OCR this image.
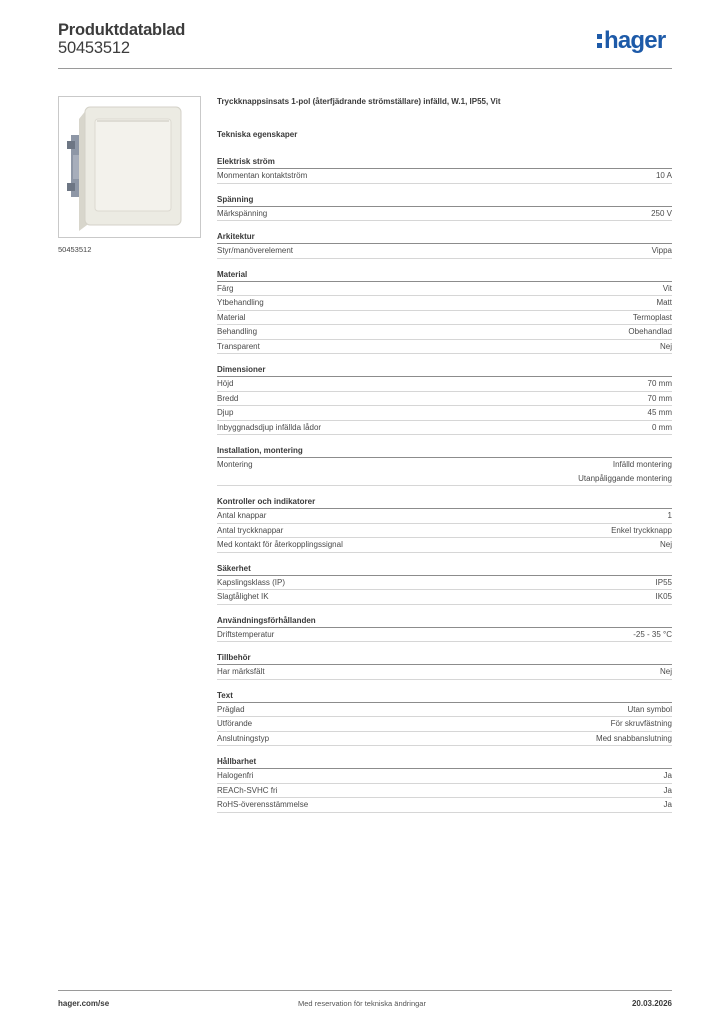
Produktdatablad
50453512	hager
50453512
Tryckknappsinsats 1-pol (återfjädrande strömställare) infälld, W.1, IP55, Vit
Tekniska egenskaper
Elektrisk ström
Monmentan kontaktström	10 A
Spänning
Märkspänning	250 V
Arkitektur
Styr/manöverelement	Vippa
Material
Färg	Vit
Ytbehandling	Matt
Material	Termoplast
Behandling	Obehandlad
Transparent	Nej
Dimensioner
Höjd	70 mm
Bredd	70 mm
Djup	45 mm
Inbyggnadsdjup infällda lådor	0 mm
Installation, montering
Montering	Infälld montering
Utanpåliggande montering
Kontroller och indikatorer
Antal knappar	1
Antal tryckknappar	Enkel tryckknapp
Med kontakt för återkopplingssignal	Nej
Säkerhet
Kapslingsklass (IP)	IP55
Slagtålighet IK	IK05
Användningsförhållanden
Driftstemperatur	-25 - 35 °C
Tillbehör
Har märksfält	Nej
Text
Präglad	Utan symbol
Utförande	För skruvfästning
Anslutningstyp	Med snabbanslutning
Hållbarhet
Halogenfri	Ja
REACh-SVHC fri	Ja
RoHS-överensstämmelse	Ja
hager.com/se	Med reservation för tekniska ändringar	20.03.2026
